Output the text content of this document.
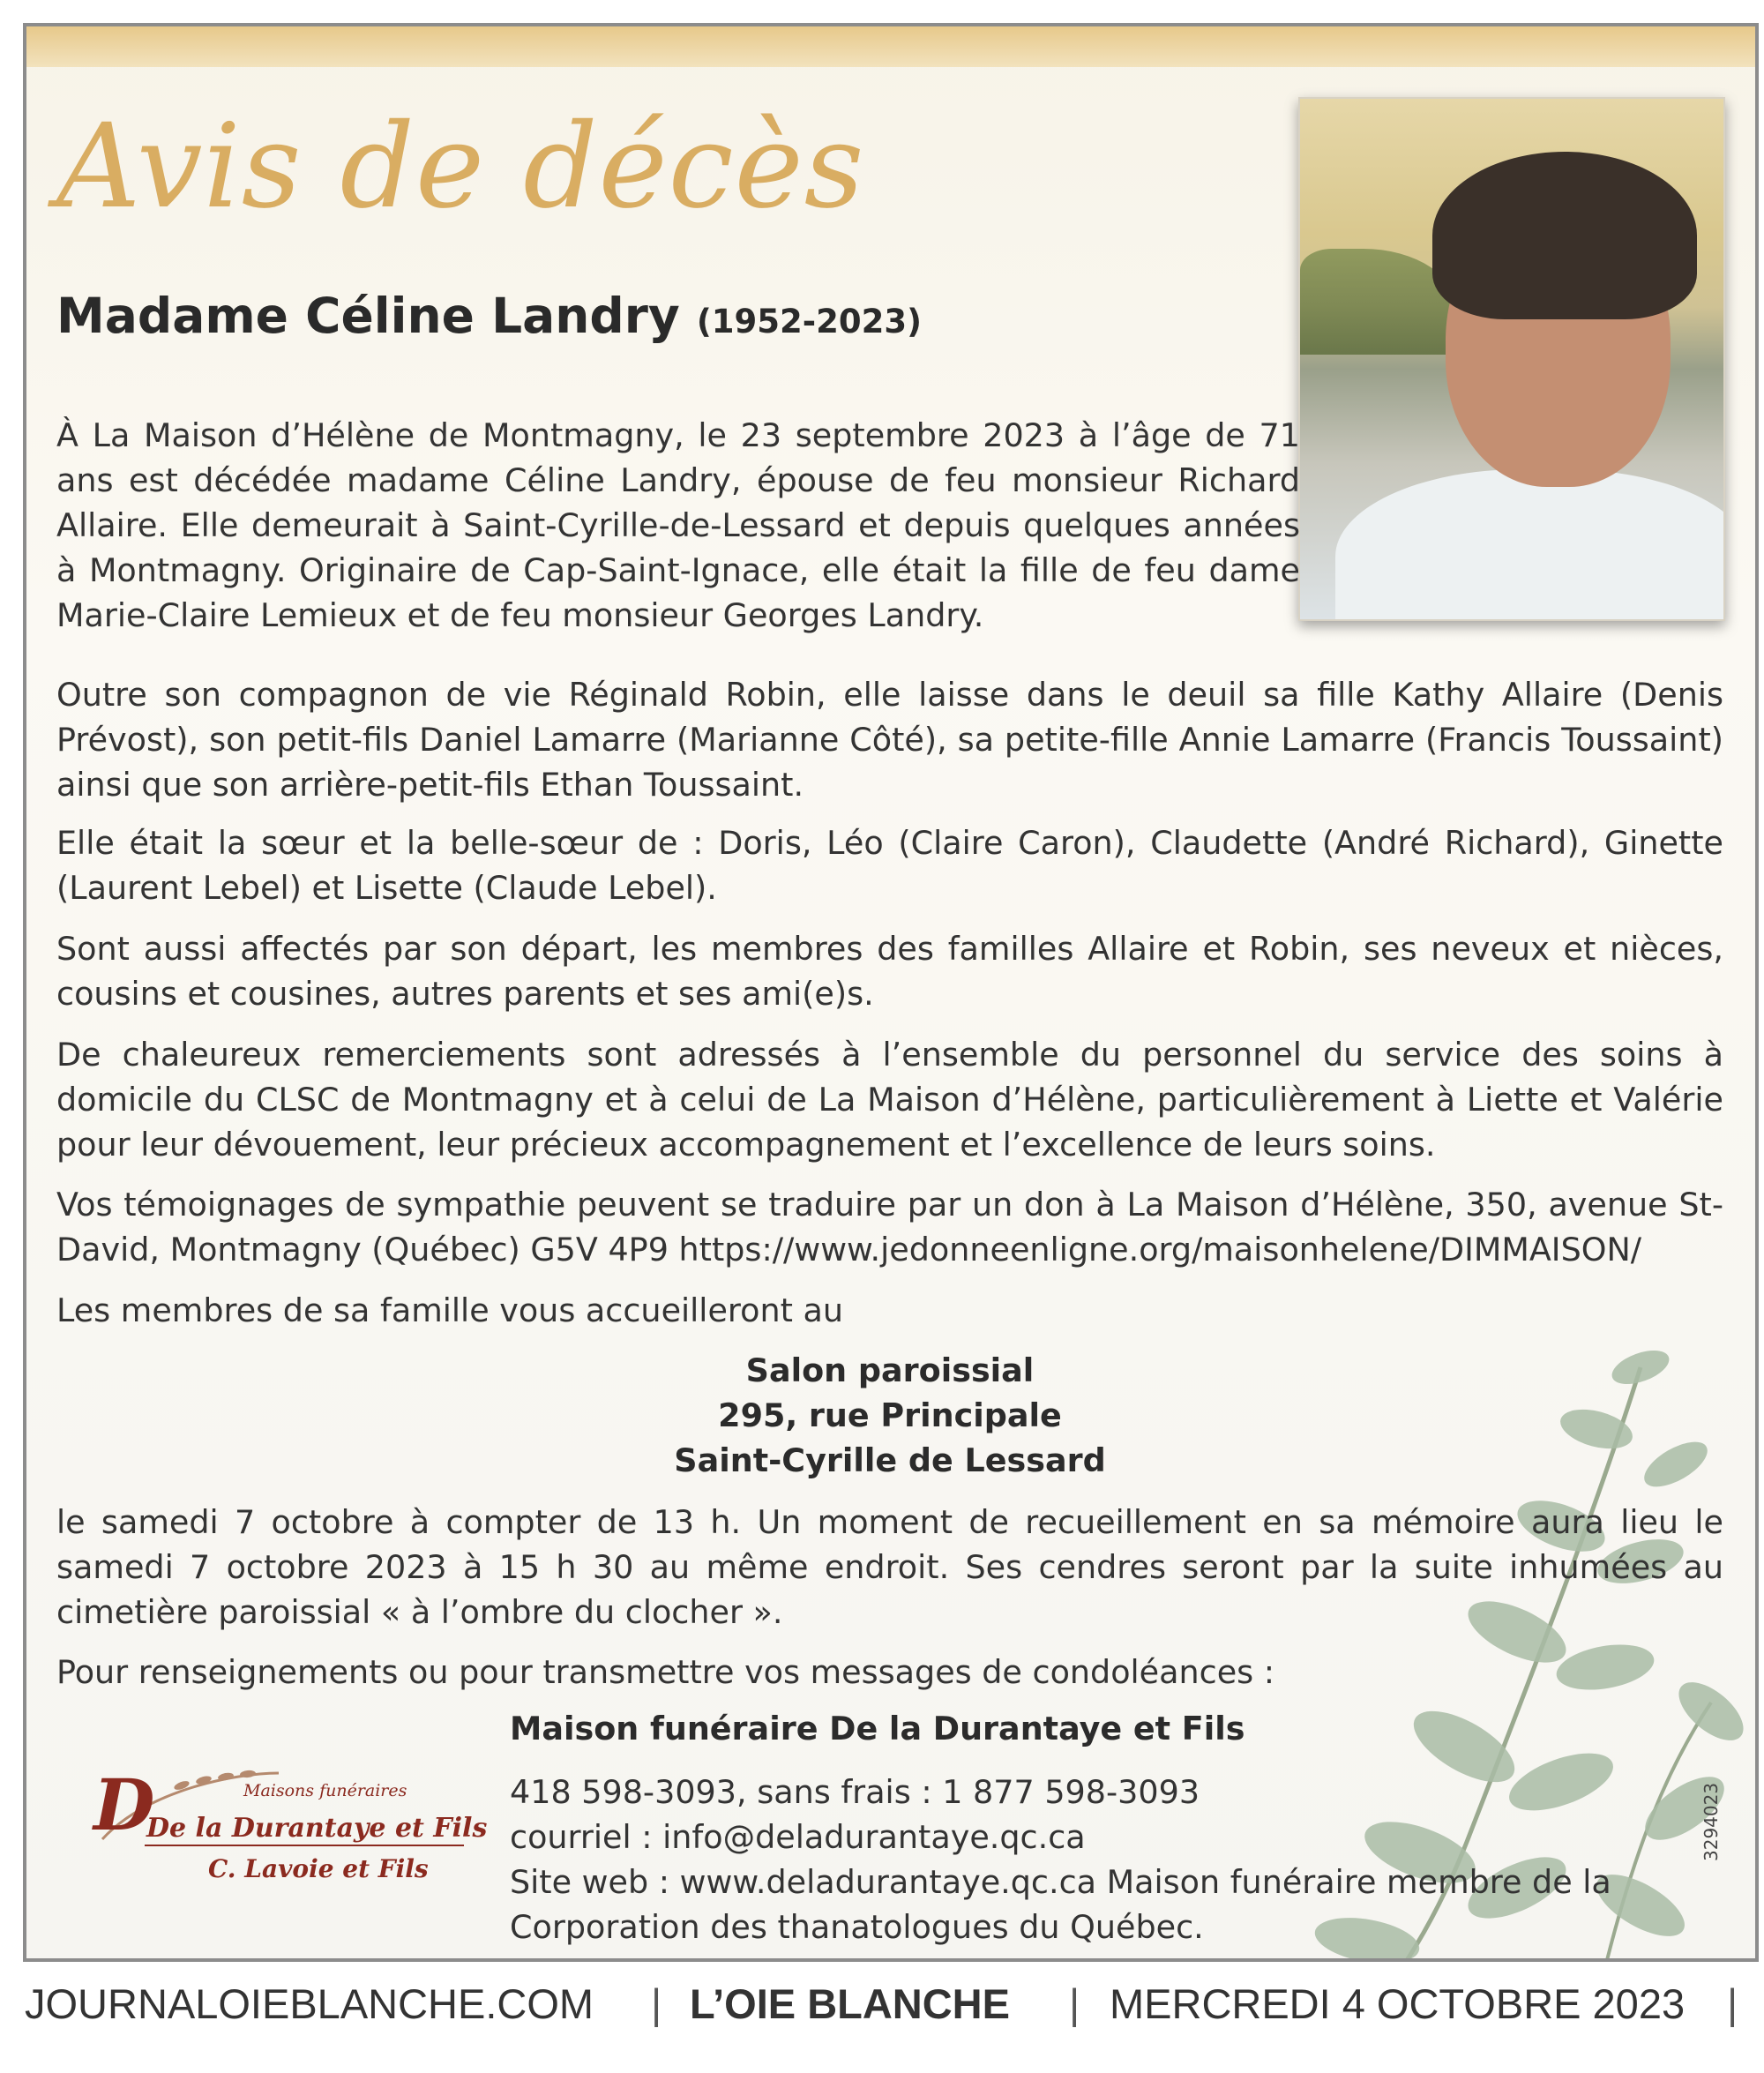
Avis de décès
Madame Céline Landry (1952-2023)
À La Maison d’Hélène de Montmagny, le 23 septembre 2023 à l’âge de 71 ans est décédée madame Céline Landry, épouse de feu monsieur Richard Allaire. Elle demeurait à Saint-Cyrille-de-Lessard et depuis quelques années à Montmagny. Originaire de Cap-Saint-Ignace, elle était la fille de feu dame Marie-Claire Lemieux et de feu monsieur Georges Landry.
Outre son compagnon de vie Réginald Robin, elle laisse dans le deuil sa fille Kathy Allaire (Denis Prévost), son petit-fils Daniel Lamarre (Marianne Côté), sa petite-fille Annie Lamarre (Francis Toussaint) ainsi que son arrière-petit-fils Ethan Toussaint.
Elle était la sœur et la belle-sœur de : Doris, Léo (Claire Caron), Claudette (André Richard), Ginette (Laurent Lebel) et Lisette (Claude Lebel).
Sont aussi affectés par son départ, les membres des familles Allaire et Robin, ses neveux et nièces, cousins et cousines, autres parents et ses ami(e)s.
De chaleureux remerciements sont adressés à l’ensemble du personnel du service des soins à domicile du CLSC de Montmagny et à celui de La Maison d’Hélène, particulièrement à Liette et Valérie pour leur dévouement, leur précieux accompagnement et l’excellence de leurs soins.
Vos témoignages de sympathie peuvent se traduire par un don à La Maison d’Hélène, 350, avenue St-David, Montmagny (Québec) G5V 4P9 https://www.jedonneenligne.org/maisonhelene/DIMMAISON/
Les membres de sa famille vous accueilleront au
Salon paroissial
295, rue Principale
Saint-Cyrille de Lessard
le samedi 7 octobre à compter de 13 h. Un moment de recueillement en sa mémoire aura lieu le samedi 7 octobre 2023 à 15 h 30 au même endroit. Ses cendres seront par la suite inhumées au cimetière paroissial « à l’ombre du clocher ».
Pour renseignements ou pour transmettre vos messages de condoléances :
Maison funéraire De la Durantaye et Fils
418 598-3093, sans frais : 1 877 598-3093
courriel : info@deladurantaye.qc.ca
Site web : www.deladurantaye.qc.ca Maison funéraire membre de la Corporation des thanatologues du Québec.
3294023
D	Maisons funéraires
De la Durantaye et Fils
C. Lavoie et Fils
JOURNALOIEBLANCHE.COM | L’OIE BLANCHE | MERCREDI 4 OCTOBRE 2023 |
